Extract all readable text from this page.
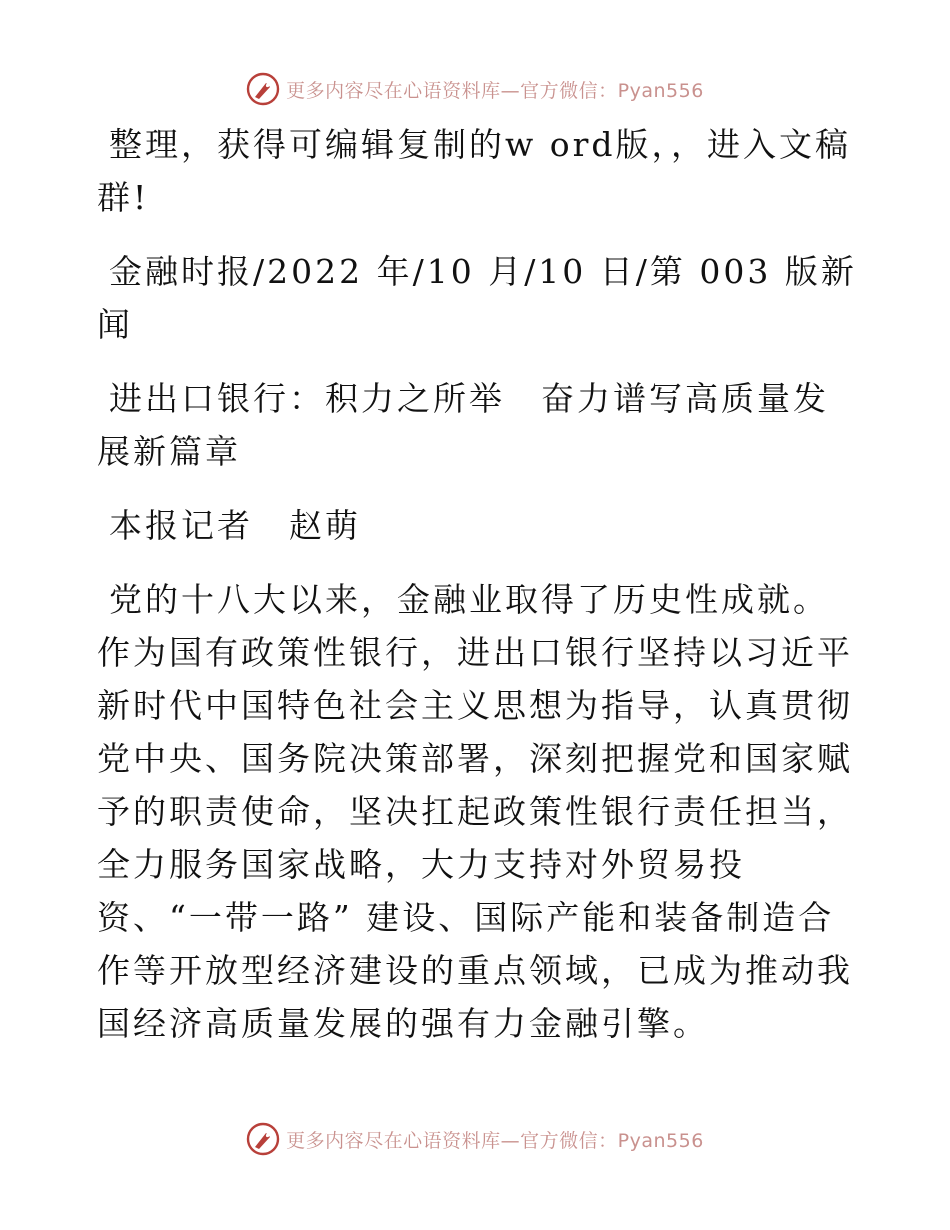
更多内容尽在心语资料库—官方微信：Pyan556

整理，获得可编辑复制的w ord版，，进入文稿群!

金融时报/2022 年/10 月/10 日/第 003 版新闻

进出口银行：积力之所举　奋力谱写高质量发展新篇章

本报记者　赵萌

党的十八大以来，金融业取得了历史性成就。作为国有政策性银行，进出口银行坚持以习近平新时代中国特色社会主义思想为指导，认真贯彻党中央、国务院决策部署，深刻把握党和国家赋予的职责使命，坚决扛起政策性银行责任担当，全力服务国家战略，大力支持对外贸易投资、“一带一路” 建设、国际产能和装备制造合作等开放型经济建设的重点领域，已成为推动我国经济高质量发展的强有力金融引擎。

更多内容尽在心语资料库—官方微信：Pyan556
